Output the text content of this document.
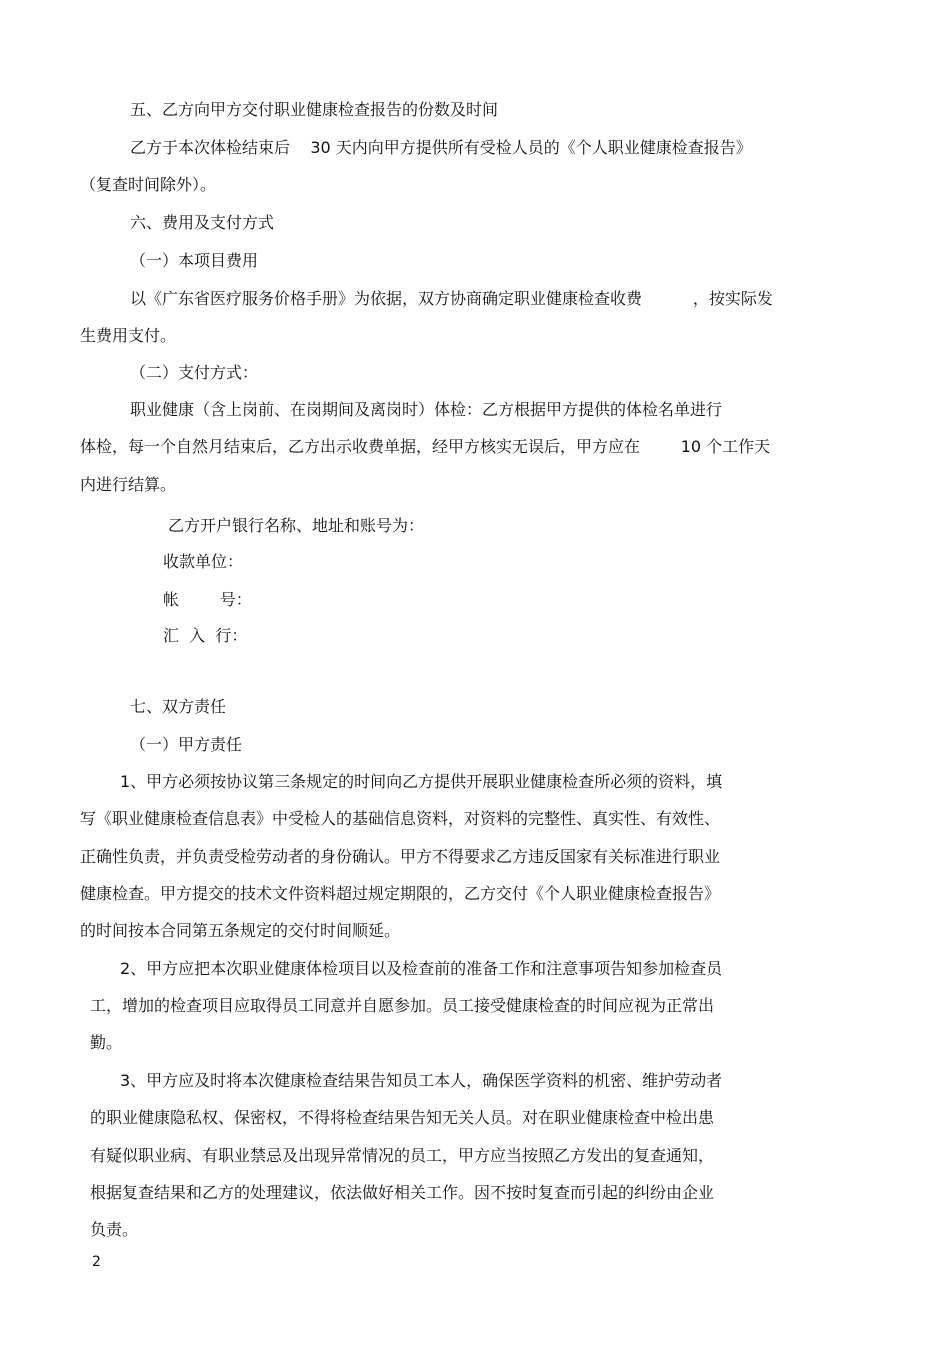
五、乙方向甲方交付职业健康检查报告的份数及时间

乙方于本次体检结束后    30 天内向甲方提供所有受检人员的《个人职业健康检查报告》

（复查时间除外）。

六、费用及支付方式

（一）本项目费用

以《广东省医疗服务价格手册》为依据，双方协商确定职业健康检查收费          ，按实际发

生费用支付。

（二）支付方式：

职业健康（含上岗前、在岗期间及离岗时）体检：乙方根据甲方提供的体检名单进行

体检，每一个自然月结束后，乙方出示收费单据，经甲方核实无误后，甲方应在        10 个工作天

内进行结算。

乙方开户银行名称、地址和账号为：

收款单位：

帐        号：

汇  入  行：

七、双方责任

（一）甲方责任

1、甲方必须按协议第三条规定的时间向乙方提供开展职业健康检查所必须的资料，填

写《职业健康检查信息表》中受检人的基础信息资料，对资料的完整性、真实性、有效性、

正确性负责，并负责受检劳动者的身份确认。甲方不得要求乙方违反国家有关标准进行职业

健康检查。甲方提交的技术文件资料超过规定期限的，乙方交付《个人职业健康检查报告》

的时间按本合同第五条规定的交付时间顺延。

2、甲方应把本次职业健康体检项目以及检查前的准备工作和注意事项告知参加检查员

工，增加的检查项目应取得员工同意并自愿参加。员工接受健康检查的时间应视为正常出

勤。

3、甲方应及时将本次健康检查结果告知员工本人，确保医学资料的机密、维护劳动者

的职业健康隐私权、保密权，不得将检查结果告知无关人员。对在职业健康检查中检出患

有疑似职业病、有职业禁忌及出现异常情况的员工，甲方应当按照乙方发出的复查通知，

根据复查结果和乙方的处理建议，依法做好相关工作。因不按时复查而引起的纠纷由企业

负责。

2
